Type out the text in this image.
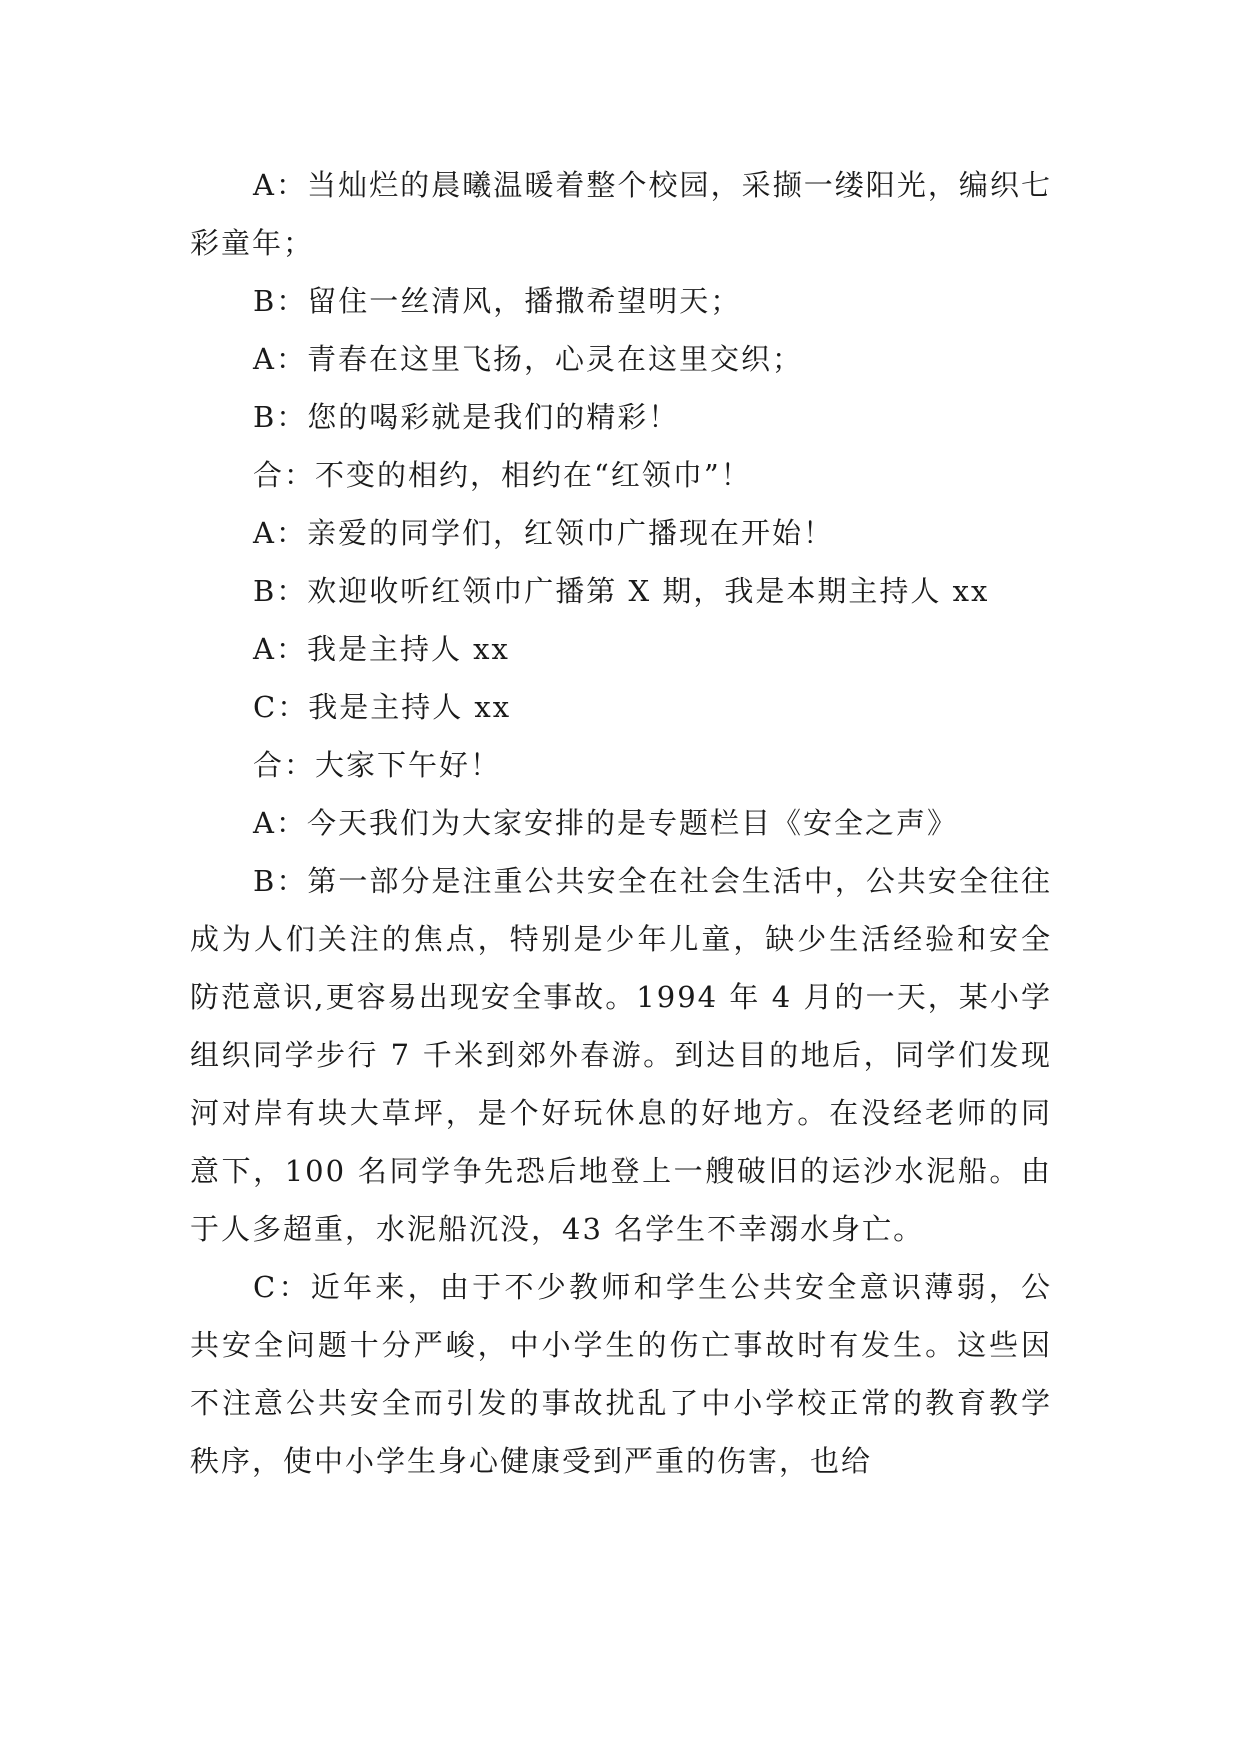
A：当灿烂的晨曦温暖着整个校园，采撷一缕阳光，编织七彩童年；

B：留住一丝清风，播撒希望明天；

A：青春在这里飞扬，心灵在这里交织；

B：您的喝彩就是我们的精彩！

合：不变的相约，相约在“红领巾”！

A：亲爱的同学们，红领巾广播现在开始！

B：欢迎收听红领巾广播第 X 期，我是本期主持人 xx

A：我是主持人 xx

C：我是主持人 xx

合：大家下午好！

A：今天我们为大家安排的是专题栏目《安全之声》

B：第一部分是注重公共安全在社会生活中，公共安全往往成为人们关注的焦点，特别是少年儿童，缺少生活经验和安全防范意识,更容易出现安全事故。1994 年 4 月的一天，某小学组织同学步行 7 千米到郊外春游。到达目的地后，同学们发现河对岸有块大草坪，是个好玩休息的好地方。在没经老师的同意下，100 名同学争先恐后地登上一艘破旧的运沙水泥船。由于人多超重，水泥船沉没，43 名学生不幸溺水身亡。

C：近年来，由于不少教师和学生公共安全意识薄弱，公共安全问题十分严峻，中小学生的伤亡事故时有发生。这些因不注意公共安全而引发的事故扰乱了中小学校正常的教育教学秩序，使中小学生身心健康受到严重的伤害，也给
